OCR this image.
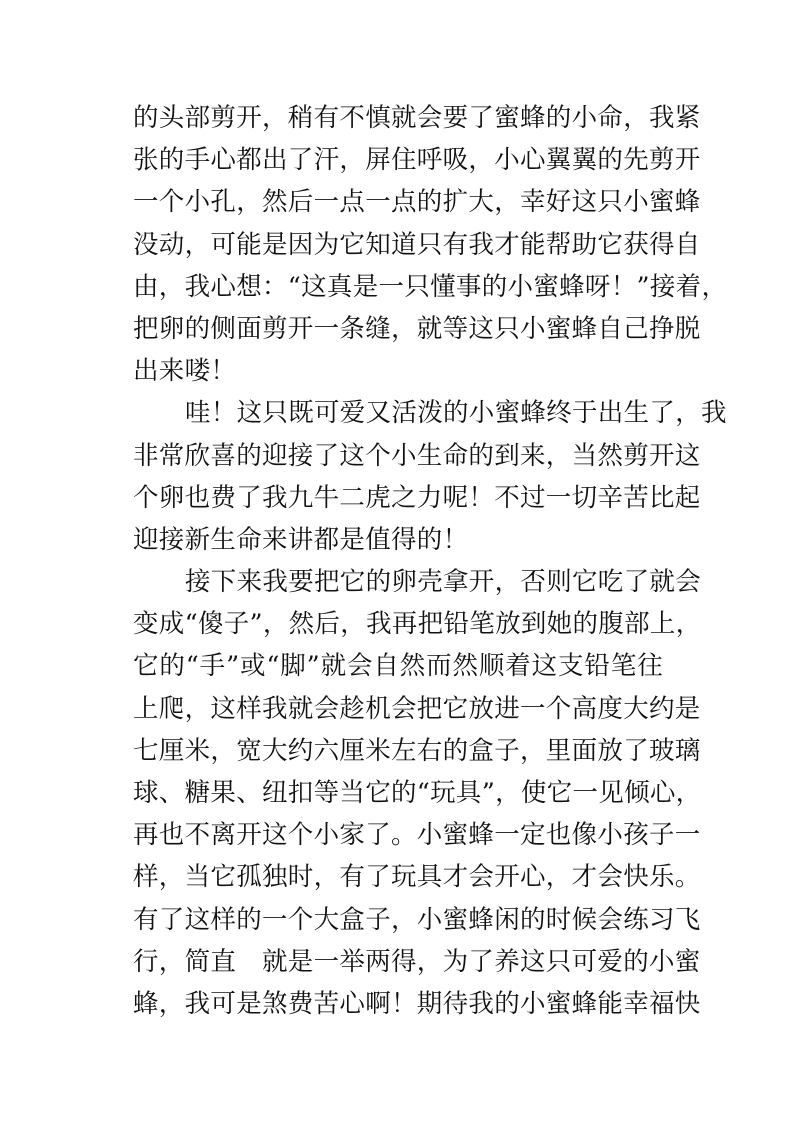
的头部剪开，稍有不慎就会要了蜜蜂的小命，我紧
张的手心都出了汗，屏住呼吸，小心翼翼的先剪开
一个小孔，然后一点一点的扩大，幸好这只小蜜蜂
没动，可能是因为它知道只有我才能帮助它获得自
由，我心想：“这真是一只懂事的小蜜蜂呀！”接着，
把卵的侧面剪开一条缝，就等这只小蜜蜂自己挣脱
出来喽！
哇！这只既可爱又活泼的小蜜蜂终于出生了，我
非常欣喜的迎接了这个小生命的到来，当然剪开这
个卵也费了我九牛二虎之力呢！不过一切辛苦比起
迎接新生命来讲都是值得的！
接下来我要把它的卵壳拿开，否则它吃了就会
变成“傻子”，然后，我再把铅笔放到她的腹部上，
它的“手”或“脚”就会自然而然顺着这支铅笔往
上爬，这样我就会趁机会把它放进一个高度大约是
七厘米，宽大约六厘米左右的盒子，里面放了玻璃
球、糖果、纽扣等当它的“玩具”，使它一见倾心，
再也不离开这个小家了。小蜜蜂一定也像小孩子一
样，当它孤独时，有了玩具才会开心，才会快乐。
有了这样的一个大盒子，小蜜蜂闲的时候会练习飞
行，简直　就是一举两得，为了养这只可爱的小蜜
蜂，我可是煞费苦心啊！期待我的小蜜蜂能幸福快
